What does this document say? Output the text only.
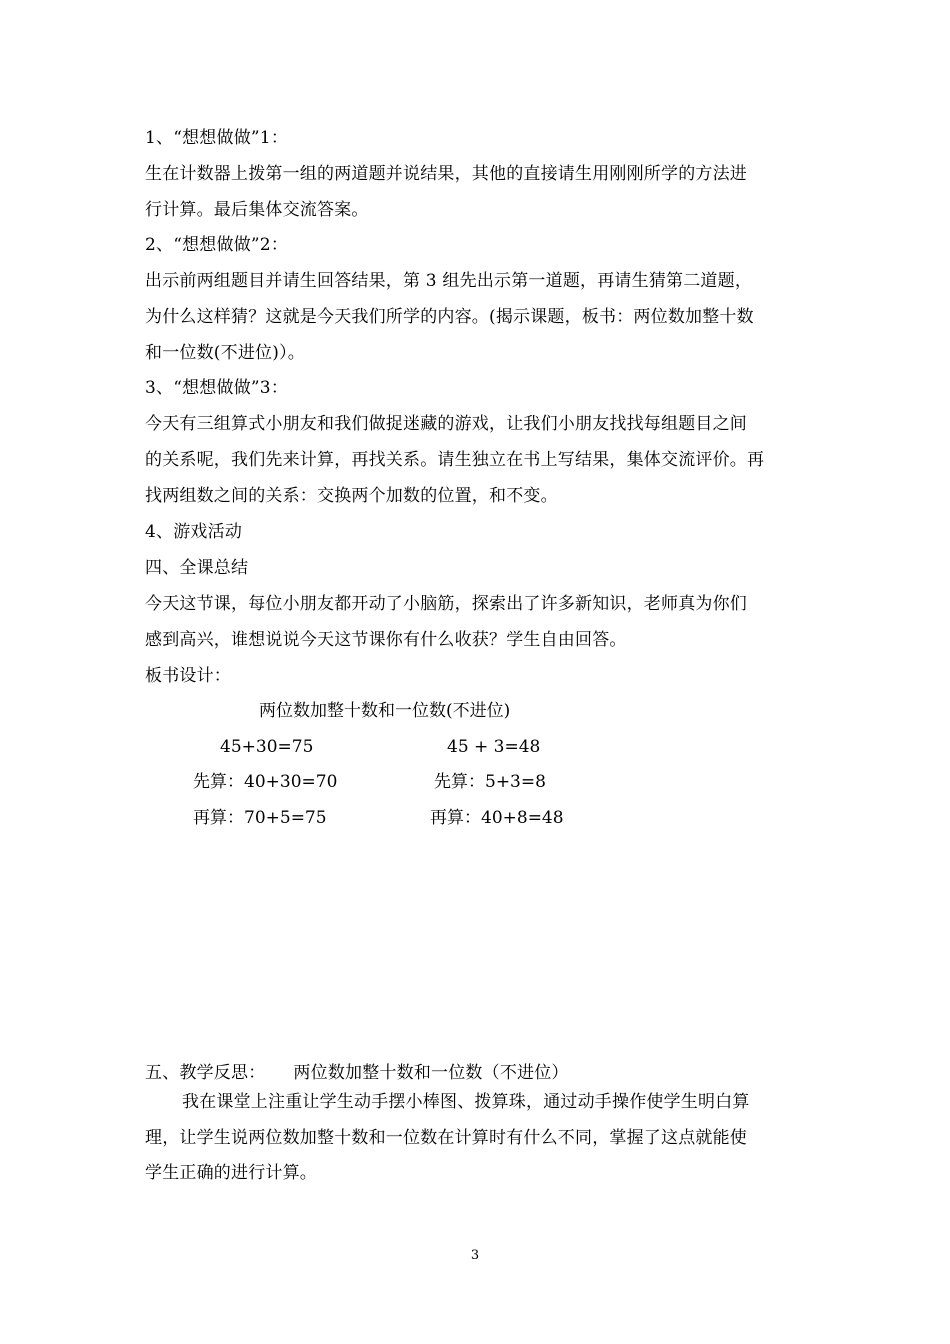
1、“想想做做”1：
生在计数器上拨第一组的两道题并说结果，其他的直接请生用刚刚所学的方法进
行计算。最后集体交流答案。
2、“想想做做”2：
出示前两组题目并请生回答结果，第 3 组先出示第一道题，再请生猜第二道题，
为什么这样猜？这就是今天我们所学的内容。(揭示课题，板书：两位数加整十数
和一位数(不进位)）。
3、“想想做做”3：
今天有三组算式小朋友和我们做捉迷藏的游戏，让我们小朋友找找每组题目之间
的关系呢，我们先来计算，再找关系。请生独立在书上写结果，集体交流评价。再
找两组数之间的关系：交换两个加数的位置，和不变。
4、游戏活动
四、全课总结
今天这节课，每位小朋友都开动了小脑筋，探索出了许多新知识，老师真为你们
感到高兴，谁想说说今天这节课你有什么收获？学生自由回答。
板书设计：
两位数加整十数和一位数(不进位)
45+30=75	45 + 3=48
先算：40+30=70	先算：5+3=8
再算：70+5=75	再算：40+8=48
五、教学反思：     两位数加整十数和一位数（不进位）
我在课堂上注重让学生动手摆小棒图、拨算珠，通过动手操作使学生明白算
理，让学生说两位数加整十数和一位数在计算时有什么不同，掌握了这点就能使
学生正确的进行计算。
3
